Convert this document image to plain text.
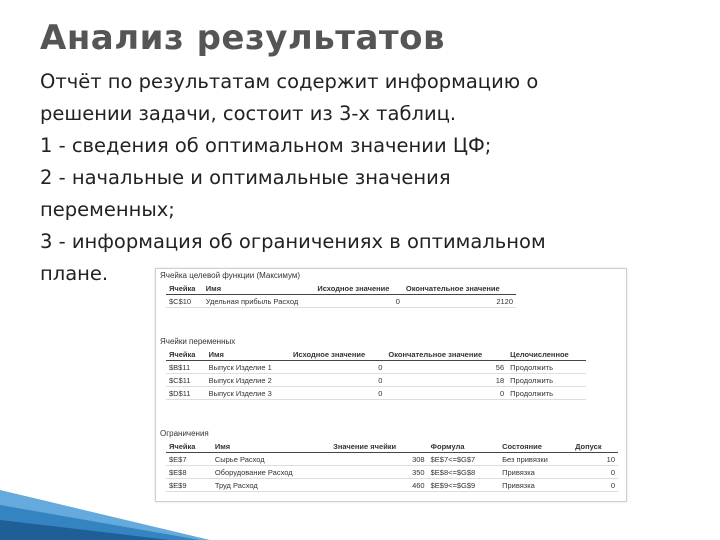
Анализ результатов
Отчёт по результатам содержит информацию о
решении задачи, состоит из 3-х таблиц.
1 - сведения об оптимальном значении ЦФ;
2 - начальные и оптимальные значения
переменных;
3 - информация об ограничениях в оптимальном
плане.	Ячейка целевой функции (Максимум)
Ячейка	Имя	Исходное значение	Окончательное значение
$C$10	Удельная прибыль Расход	0	2120
Ячейки переменных
Ячейка	Имя	Исходное значение	Окончательное значение	Целочисленное
$B$11	Выпуск Изделие 1	0	56	Продолжить
$C$11	Выпуск Изделие 2	0	18	Продолжить
$D$11	Выпуск Изделие 3	0	0	Продолжить
Ограничения
Ячейка	Имя	Значение ячейки	Формула	Состояние	Допуск
$E$7	Сырье Расход	308	$E$7<=$G$7	Без привязки	10
$E$8	Оборудование Расход	350	$E$8<=$G$8	Привязка	0
$E$9	Труд Расход	460	$E$9<=$G$9	Привязка	0
